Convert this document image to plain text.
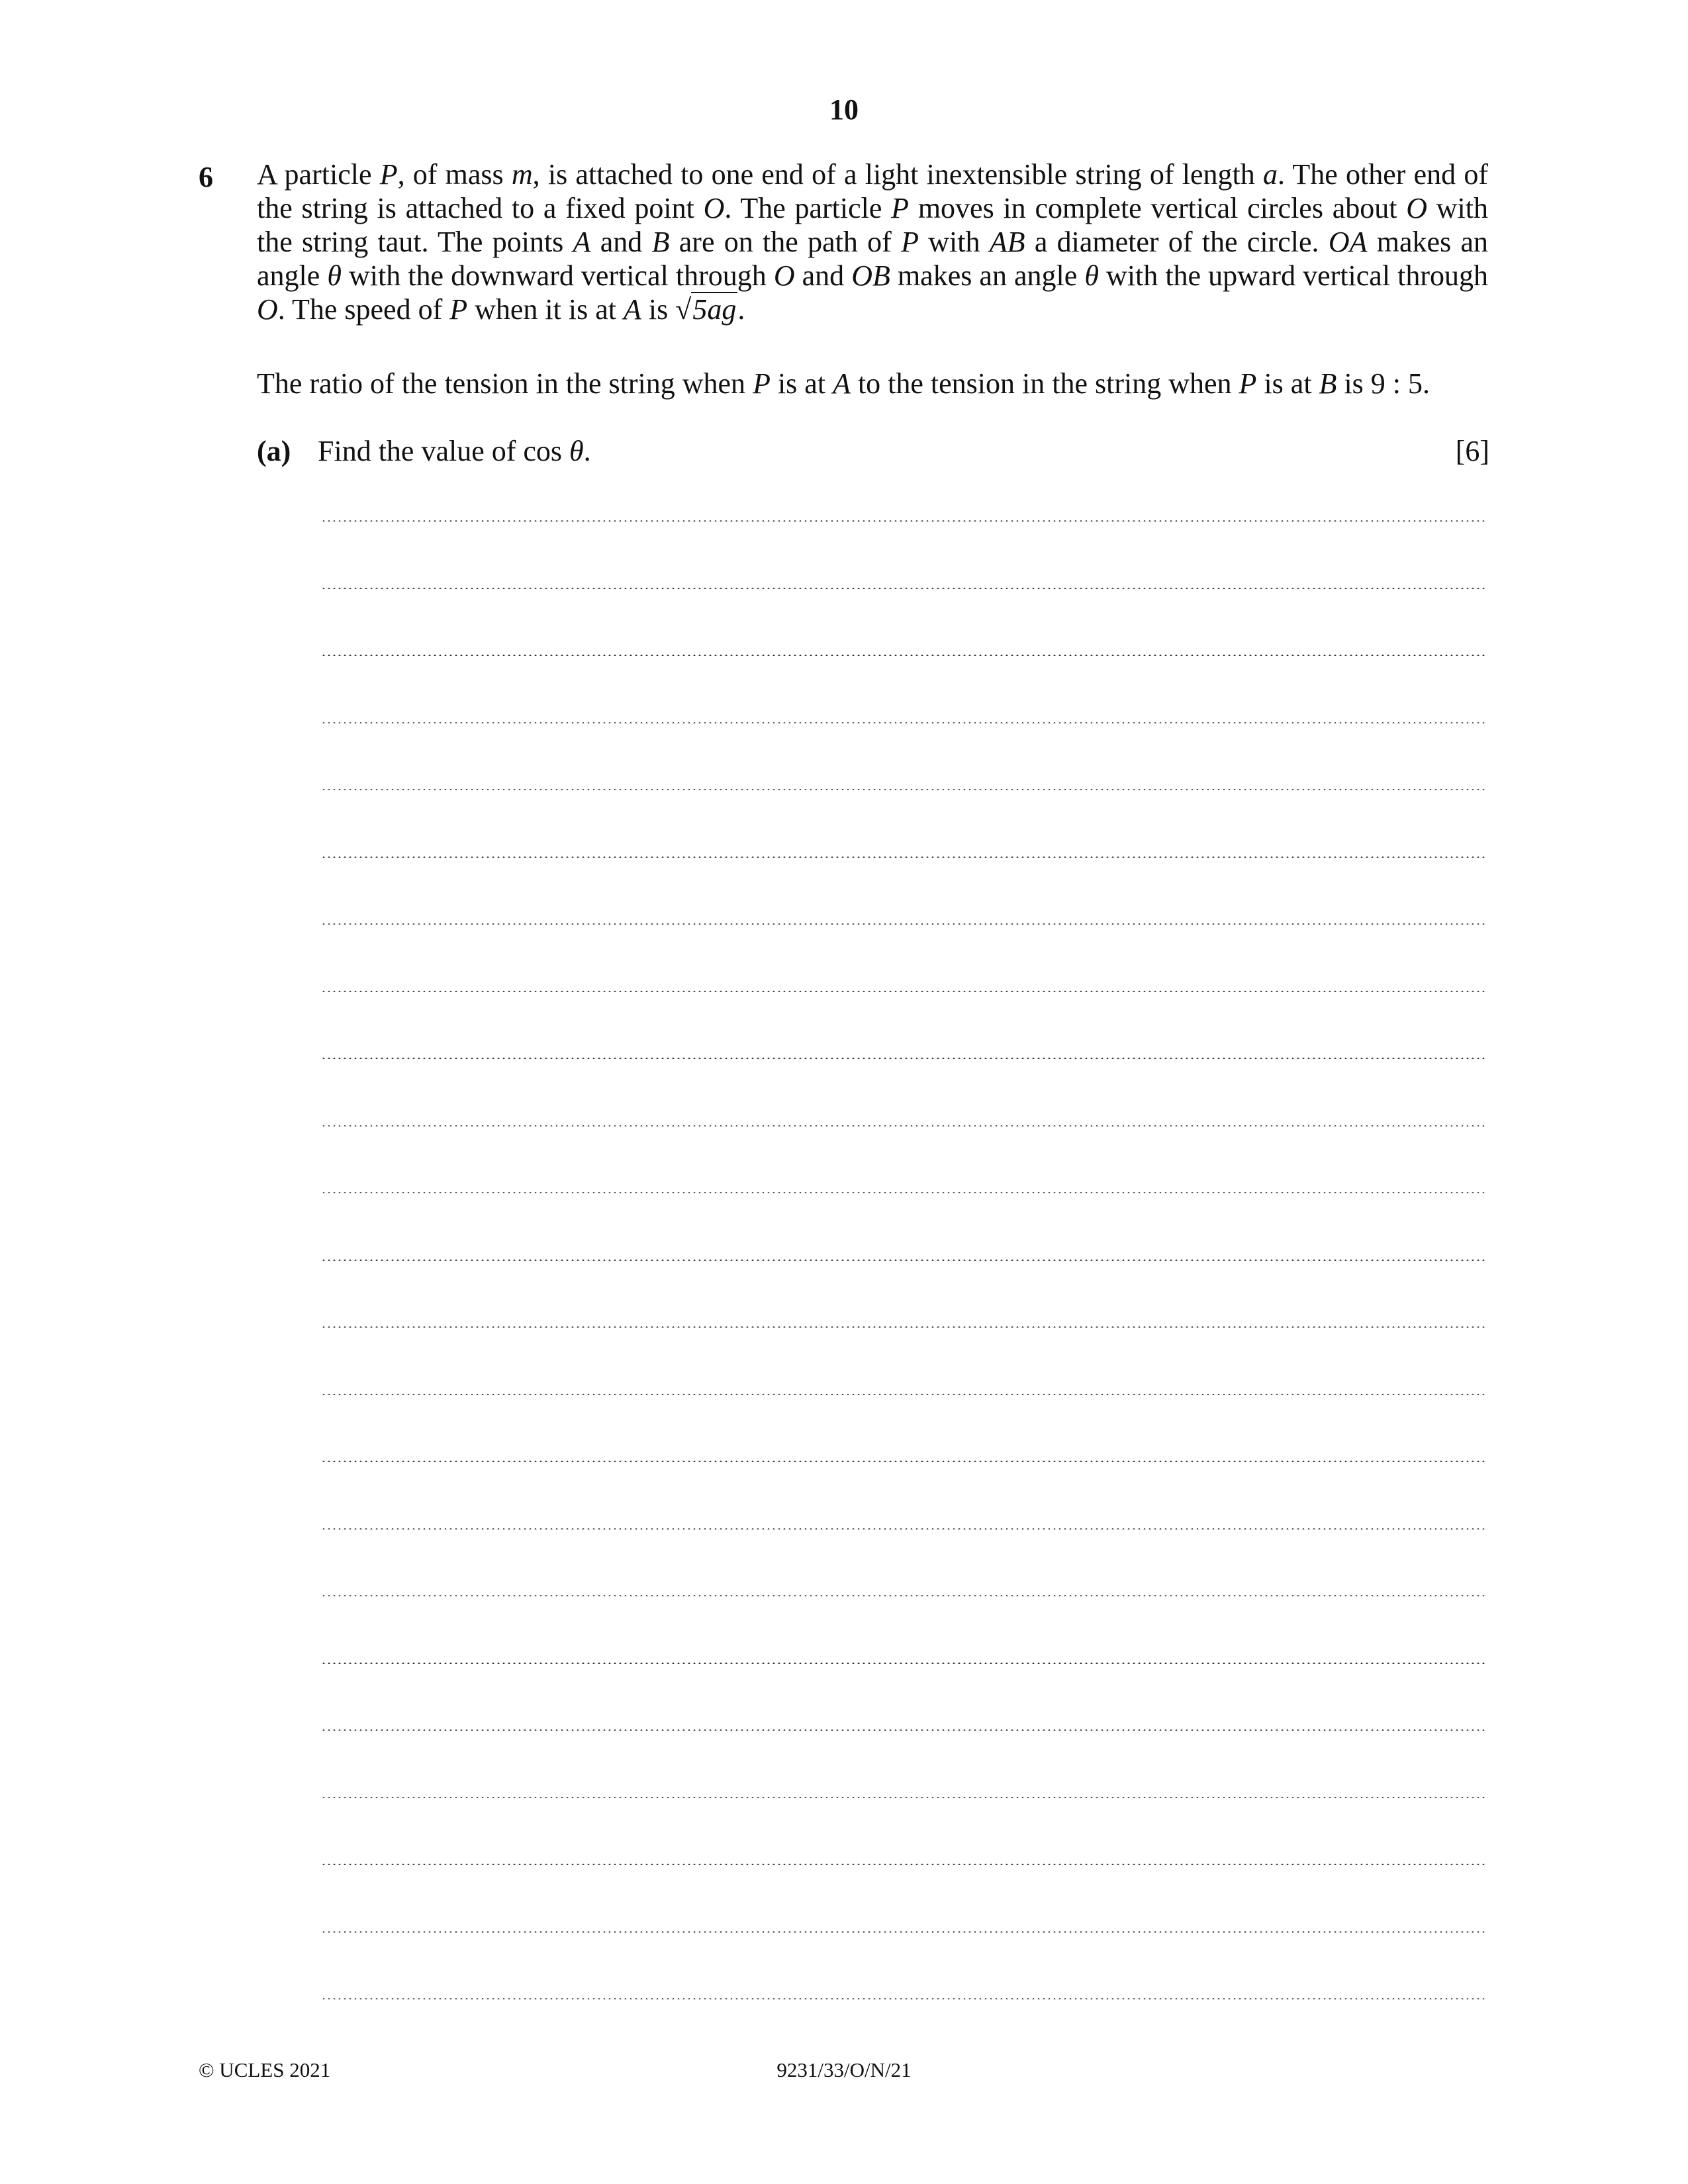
10
6 A particle P, of mass m, is attached to one end of a light inextensible string of length a. The other end of the string is attached to a fixed point O. The particle P moves in complete vertical circles about O with the string taut. The points A and B are on the path of P with AB a diameter of the circle. OA makes an angle θ with the downward vertical through O and OB makes an angle θ with the upward vertical through O. The speed of P when it is at A is √5ag.
The ratio of the tension in the string when P is at A to the tension in the string when P is at B is 9 : 5.
(a) Find the value of cos θ.	[6]
© UCLES 2021	9231/33/O/N/21
